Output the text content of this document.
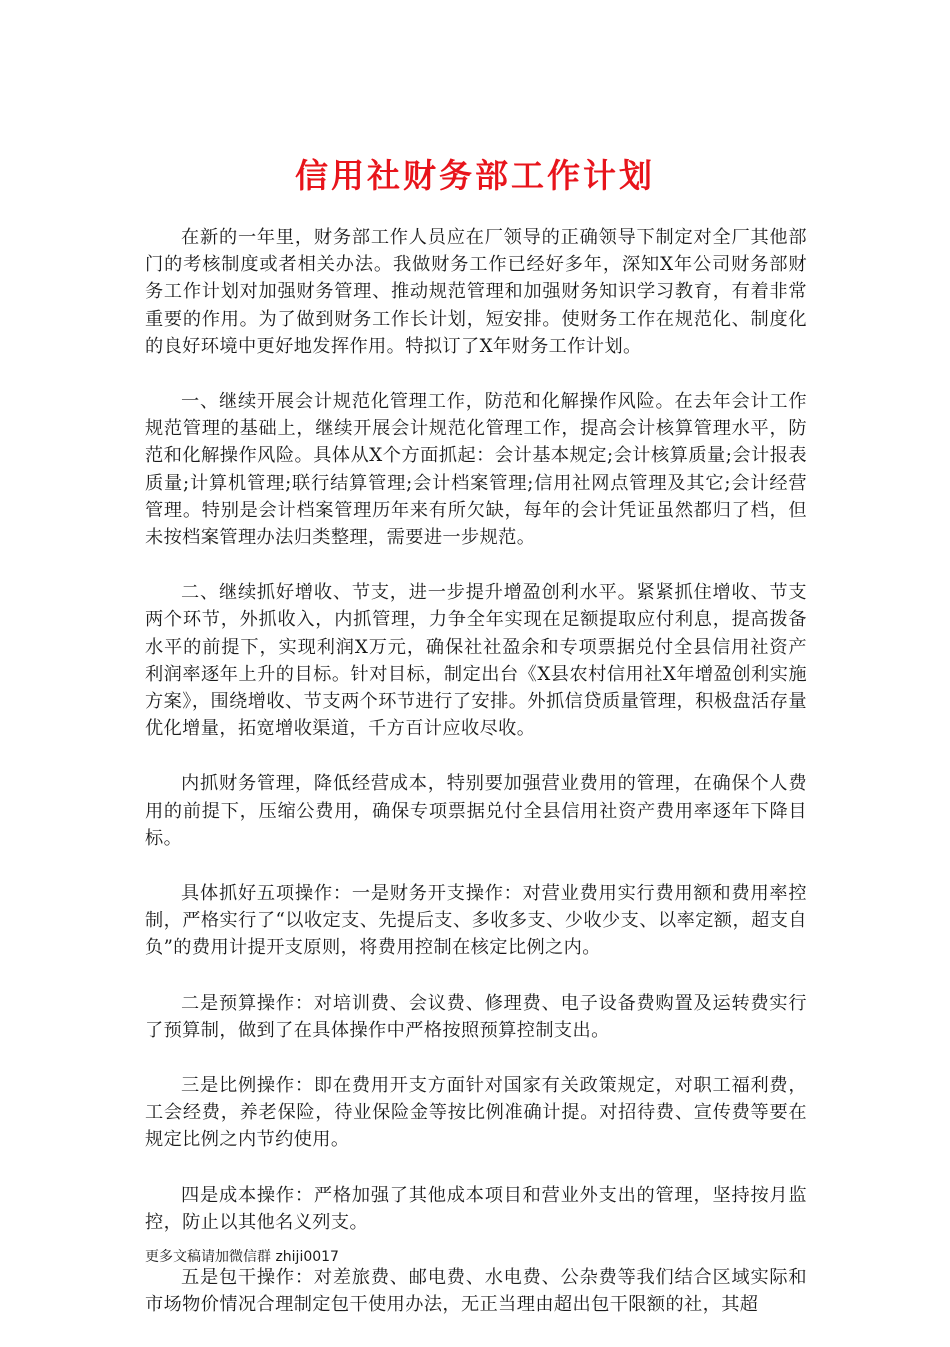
信用社财务部工作计划

在新的一年里，财务部工作人员应在厂领导的正确领导下制定对全厂其他部门的考核制度或者相关办法。我做财务工作已经好多年，深知X年公司财务部财务工作计划对加强财务管理、推动规范管理和加强财务知识学习教育，有着非常重要的作用。为了做到财务工作长计划，短安排。使财务工作在规范化、制度化的良好环境中更好地发挥作用。特拟订了X年财务工作计划。

一、继续开展会计规范化管理工作，防范和化解操作风险。在去年会计工作规范管理的基础上，继续开展会计规范化管理工作，提高会计核算管理水平，防范和化解操作风险。具体从X个方面抓起：会计基本规定;会计核算质量;会计报表质量;计算机管理;联行结算管理;会计档案管理;信用社网点管理及其它;会计经营管理。特别是会计档案管理历年来有所欠缺，每年的会计凭证虽然都归了档，但未按档案管理办法归类整理，需要进一步规范。

二、继续抓好增收、节支，进一步提升增盈创利水平。紧紧抓住增收、节支两个环节，外抓收入，内抓管理，力争全年实现在足额提取应付利息，提高拨备水平的前提下，实现利润X万元，确保社社盈余和专项票据兑付全县信用社资产利润率逐年上升的目标。针对目标，制定出台《X县农村信用社X年增盈创利实施方案》，围绕增收、节支两个环节进行了安排。外抓信贷质量管理，积极盘活存量优化增量，拓宽增收渠道，千方百计应收尽收。

内抓财务管理，降低经营成本，特别要加强营业费用的管理，在确保个人费用的前提下，压缩公费用，确保专项票据兑付全县信用社资产费用率逐年下降目标。

具体抓好五项操作：一是财务开支操作：对营业费用实行费用额和费用率控制，严格实行了“以收定支、先提后支、多收多支、少收少支、以率定额，超支自负”的费用计提开支原则，将费用控制在核定比例之内。

二是预算操作：对培训费、会议费、修理费、电子设备费购置及运转费实行了预算制，做到了在具体操作中严格按照预算控制支出。

三是比例操作：即在费用开支方面针对国家有关政策规定，对职工福利费，工会经费，养老保险，待业保险金等按比例准确计提。对招待费、宣传费等要在规定比例之内节约使用。

四是成本操作：严格加强了其他成本项目和营业外支出的管理，坚持按月监控，防止以其他名义列支。

五是包干操作：对差旅费、邮电费、水电费、公杂费等我们结合区域实际和市场物价情况合理制定包干使用办法，无正当理由超出包干限额的社，其超

更多文稿请加微信群 zhiji0017
